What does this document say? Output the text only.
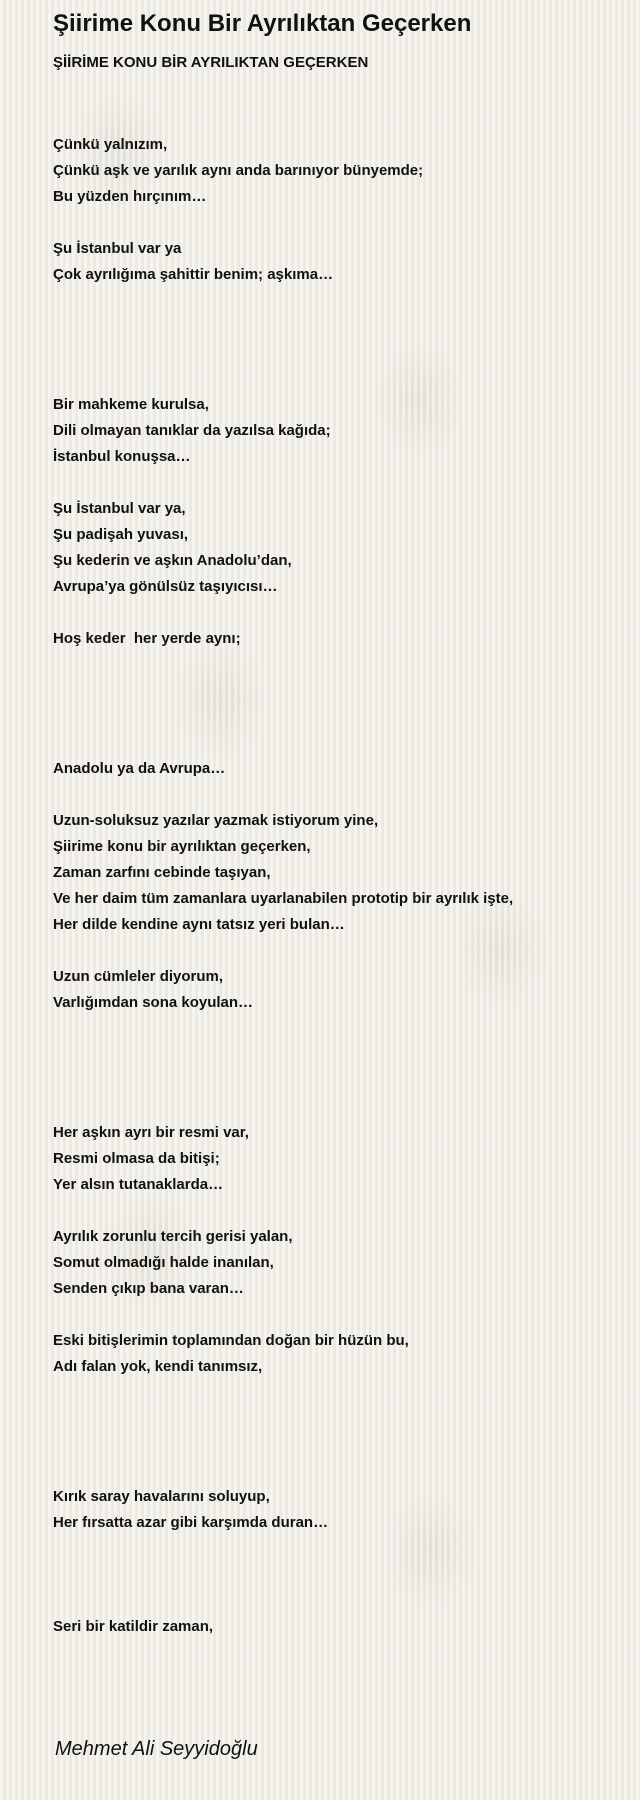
Şiirime Konu Bir Ayrılıktan Geçerken
ŞİİRİME KONU BİR AYRILIKTAN GEÇERKEN
Çünkü yalnızım,
Çünkü aşk ve yarılık aynı anda barınıyor bünyemde;
Bu yüzden hırçınım…
Şu İstanbul var ya
Çok ayrılığıma şahittir benim; aşkıma…
Bir mahkeme kurulsa,
Dili olmayan tanıklar da yazılsa kağıda;
İstanbul konuşsa…
Şu İstanbul var ya,
Şu padişah yuvası,
Şu kederin ve aşkın Anadolu’dan,
Avrupa’ya gönülsüz taşıyıcısı…
Hoş keder  her yerde aynı;
Anadolu ya da Avrupa…
Uzun-soluksuz yazılar yazmak istiyorum yine,
Şiirime konu bir ayrılıktan geçerken,
Zaman zarfını cebinde taşıyan,
Ve her daim tüm zamanlara uyarlanabilen prototip bir ayrılık işte,
Her dilde kendine aynı tatsız yeri bulan…
Uzun cümleler diyorum,
Varlığımdan sona koyulan…
Her aşkın ayrı bir resmi var,
Resmi olmasa da bitişi;
Yer alsın tutanaklarda…
Ayrılık zorunlu tercih gerisi yalan,
Somut olmadığı halde inanılan,
Senden çıkıp bana varan…
Eski bitişlerimin toplamından doğan bir hüzün bu,
Adı falan yok, kendi tanımsız,
Kırık saray havalarını soluyup,
Her fırsatta azar gibi karşımda duran…
Seri bir katildir zaman,

Mehmet Ali Seyyidoğlu
